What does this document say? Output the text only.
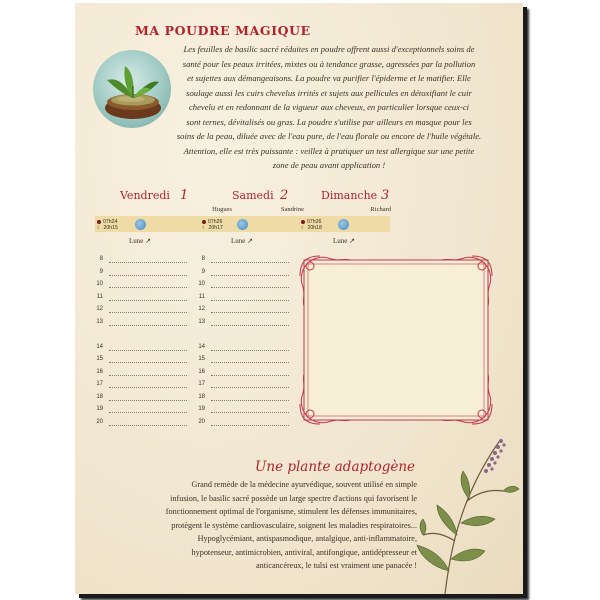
MA POUDRE MAGIQUE
Les feuilles de basilic sacré réduites en poudre offrent aussi d'exceptionnels soins de
santé pour les peaux irritées, mixtes ou à tendance grasse, agressées par la pollution
et sujettes aux démangeaisons. La poudre va purifier l'épiderme et le matifier. Elle
soulage aussi les cuirs chevelus irrités et sujets aux pellicules en détoxifiant le cuir
chevelu et en redonnant de la vigueur aux cheveux, en particulier lorsque ceux-ci
sont ternes, dévitalisés ou gras. La poudre s'utilise par ailleurs en masque pour les
soins de la peau, diluée avec de l'eau pure, de l'eau florale ou encore de l'huile végétale.
Attention, elle est très puissante : veillez à pratiquer un test allergique sur une petite
zone de peau avant application !
Vendredi 1
Hugues
Samedi 2
Sandrine
Dimanche 3
Richard
07h24
☾ 20h15
07h26
☾ 20h17
07h26
☾ 20h18
Lune ↗	Lune ↗	Lune ↗
8
9
10
11
12
13
14
15
16
17
18
19
20
8
9
10
11
12
13
14
15
16
17
18
19
20
Une plante adaptogène
Grand remède de la médecine ayurvédique, souvent utilisé en simple
infusion, le basilic sacré possède un large spectre d'actions qui favorisent le
fonctionnement optimal de l'organisme, stimulent les défenses immunitaires,
protègent le système cardiovasculaire, soignent les maladies respiratoires...
Hypoglycémiant, antispasmodique, antalgique, anti-inflammatoire,
hypotenseur, antimicrobien, antiviral, antifongique, antidépresseur et
anticancéreux, le tulsi est vraiment une panacée !
